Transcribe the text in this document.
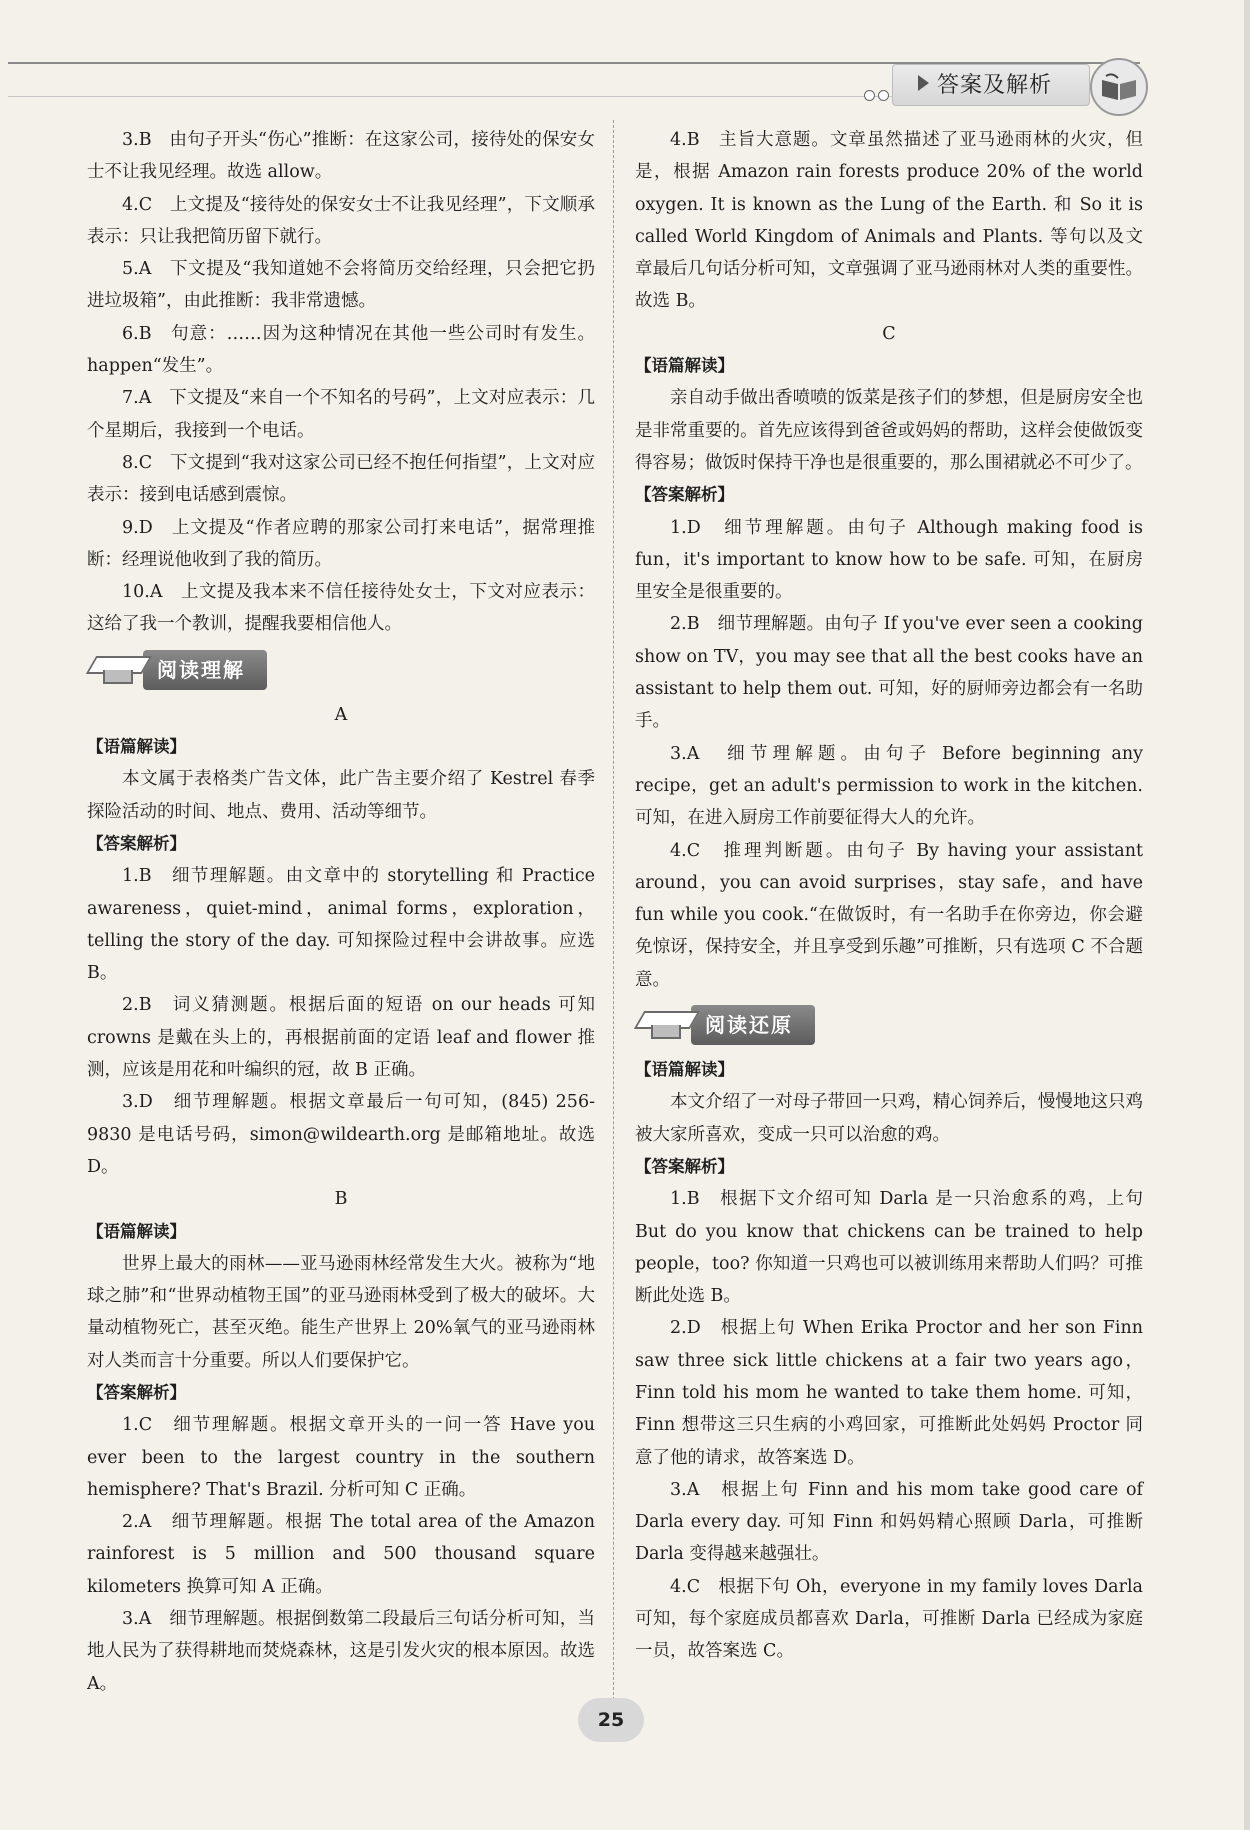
答案及解析

3.B　由句子开头“伤心”推断：在这家公司，接待处的保安女士不让我见经理。故选 allow。

4.C　上文提及“接待处的保安女士不让我见经理”，下文顺承表示：只让我把简历留下就行。

5.A　下文提及“我知道她不会将简历交给经理，只会把它扔进垃圾箱”，由此推断：我非常遗憾。

6.B　句意：……因为这种情况在其他一些公司时有发生。happen“发生”。

7.A　下文提及“来自一个不知名的号码”，上文对应表示：几个星期后，我接到一个电话。

8.C　下文提到“我对这家公司已经不抱任何指望”，上文对应表示：接到电话感到震惊。

9.D　上文提及“作者应聘的那家公司打来电话”，据常理推断：经理说他收到了我的简历。

10.A　上文提及我本来不信任接待处女士，下文对应表示：这给了我一个教训，提醒我要相信他人。

阅读理解

A

【语篇解读】

本文属于表格类广告文体，此广告主要介绍了 Kestrel 春季探险活动的时间、地点、费用、活动等细节。

【答案解析】

1.B　细节理解题。由文章中的 storytelling 和 Practice awareness，quiet-mind，animal forms，exploration，telling the story of the day. 可知探险过程中会讲故事。应选 B。

2.B　词义猜测题。根据后面的短语 on our heads 可知 crowns 是戴在头上的，再根据前面的定语 leaf and flower 推测，应该是用花和叶编织的冠，故 B 正确。

3.D　细节理解题。根据文章最后一句可知，(845) 256-9830 是电话号码，simon@wildearth.org 是邮箱地址。故选 D。

B

【语篇解读】

世界上最大的雨林——亚马逊雨林经常发生大火。被称为“地球之肺”和“世界动植物王国”的亚马逊雨林受到了极大的破坏。大量动植物死亡，甚至灭绝。能生产世界上 20%氧气的亚马逊雨林对人类而言十分重要。所以人们要保护它。

【答案解析】

1.C　细节理解题。根据文章开头的一问一答 Have you ever been to the largest country in the southern hemisphere? That's Brazil. 分析可知 C 正确。

2.A　细节理解题。根据 The total area of the Amazon rainforest is 5 million and 500 thousand square kilometers 换算可知 A 正确。

3.A　细节理解题。根据倒数第二段最后三句话分析可知，当地人民为了获得耕地而焚烧森林，这是引发火灾的根本原因。故选 A。

4.B　主旨大意题。文章虽然描述了亚马逊雨林的火灾，但是，根据 Amazon rain forests produce 20% of the world oxygen. It is known as the Lung of the Earth. 和 So it is called World Kingdom of Animals and Plants. 等句以及文章最后几句话分析可知，文章强调了亚马逊雨林对人类的重要性。故选 B。

C

【语篇解读】

亲自动手做出香喷喷的饭菜是孩子们的梦想，但是厨房安全也是非常重要的。首先应该得到爸爸或妈妈的帮助，这样会使做饭变得容易；做饭时保持干净也是很重要的，那么围裙就必不可少了。

【答案解析】

1.D　细节理解题。由句子 Although making food is fun，it's important to know how to be safe. 可知，在厨房里安全是很重要的。

2.B　细节理解题。由句子 If you've ever seen a cooking show on TV，you may see that all the best cooks have an assistant to help them out. 可知，好的厨师旁边都会有一名助手。

3.A　细节理解题。由句子 Before beginning any recipe，get an adult's permission to work in the kitchen. 可知，在进入厨房工作前要征得大人的允许。

4.C　推理判断题。由句子 By having your assistant around，you can avoid surprises，stay safe，and have fun while you cook.“在做饭时，有一名助手在你旁边，你会避免惊讶，保持安全，并且享受到乐趣”可推断，只有选项 C 不合题意。

阅读还原

【语篇解读】

本文介绍了一对母子带回一只鸡，精心饲养后，慢慢地这只鸡被大家所喜欢，变成一只可以治愈的鸡。

【答案解析】

1.B　根据下文介绍可知 Darla 是一只治愈系的鸡，上句 But do you know that chickens can be trained to help people，too? 你知道一只鸡也可以被训练用来帮助人们吗？可推断此处选 B。

2.D　根据上句 When Erika Proctor and her son Finn saw three sick little chickens at a fair two years ago，Finn told his mom he wanted to take them home. 可知，Finn 想带这三只生病的小鸡回家，可推断此处妈妈 Proctor 同意了他的请求，故答案选 D。

3.A　根据上句 Finn and his mom take good care of Darla every day. 可知 Finn 和妈妈精心照顾 Darla，可推断 Darla 变得越来越强壮。

4.C　根据下句 Oh，everyone in my family loves Darla 可知，每个家庭成员都喜欢 Darla，可推断 Darla 已经成为家庭一员，故答案选 C。

25
